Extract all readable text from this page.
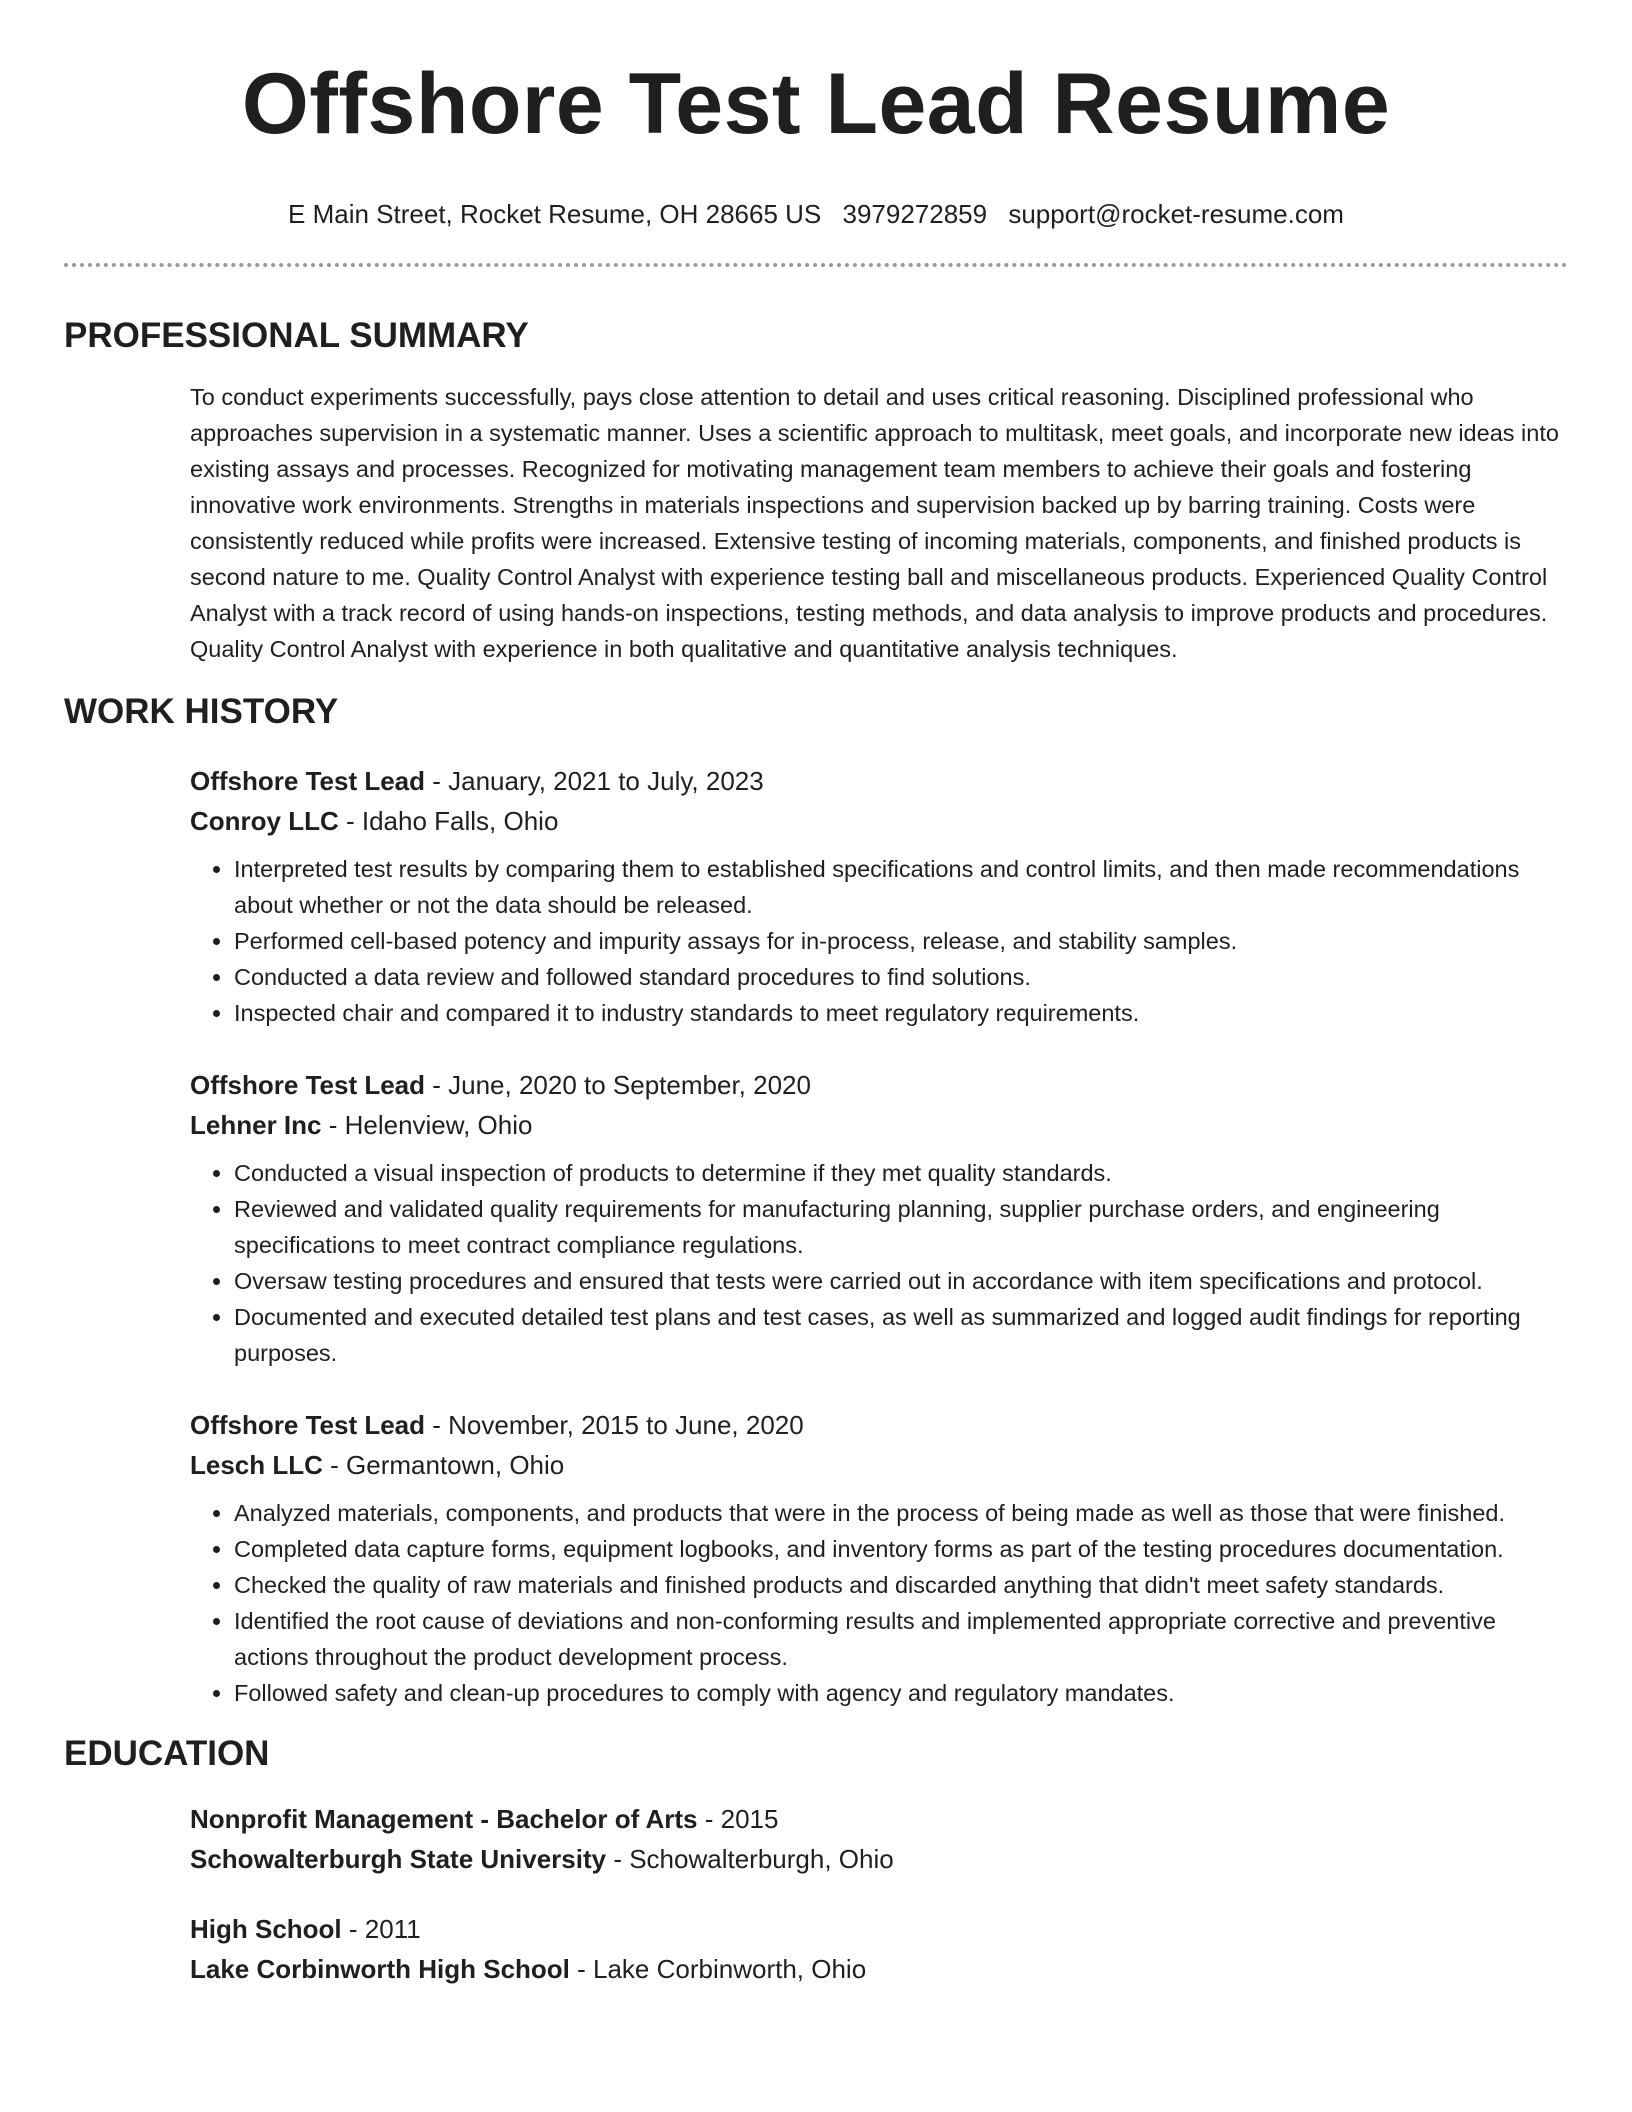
Offshore Test Lead Resume
E Main Street, Rocket Resume, OH 28665 US 3979272859 support@rocket-resume.com
PROFESSIONAL SUMMARY
To conduct experiments successfully, pays close attention to detail and uses critical reasoning. Disciplined professional who approaches supervision in a systematic manner. Uses a scientific approach to multitask, meet goals, and incorporate new ideas into existing assays and processes. Recognized for motivating management team members to achieve their goals and fostering innovative work environments. Strengths in materials inspections and supervision backed up by barring training. Costs were consistently reduced while profits were increased. Extensive testing of incoming materials, components, and finished products is second nature to me. Quality Control Analyst with experience testing ball and miscellaneous products. Experienced Quality Control Analyst with a track record of using hands-on inspections, testing methods, and data analysis to improve products and procedures. Quality Control Analyst with experience in both qualitative and quantitative analysis techniques.
WORK HISTORY
Offshore Test Lead - January, 2021 to July, 2023
Conroy LLC - Idaho Falls, Ohio
• Interpreted test results by comparing them to established specifications and control limits, and then made recommendations about whether or not the data should be released.
• Performed cell-based potency and impurity assays for in-process, release, and stability samples.
• Conducted a data review and followed standard procedures to find solutions.
• Inspected chair and compared it to industry standards to meet regulatory requirements.
Offshore Test Lead - June, 2020 to September, 2020
Lehner Inc - Helenview, Ohio
• Conducted a visual inspection of products to determine if they met quality standards.
• Reviewed and validated quality requirements for manufacturing planning, supplier purchase orders, and engineering specifications to meet contract compliance regulations.
• Oversaw testing procedures and ensured that tests were carried out in accordance with item specifications and protocol.
• Documented and executed detailed test plans and test cases, as well as summarized and logged audit findings for reporting purposes.
Offshore Test Lead - November, 2015 to June, 2020
Lesch LLC - Germantown, Ohio
• Analyzed materials, components, and products that were in the process of being made as well as those that were finished.
• Completed data capture forms, equipment logbooks, and inventory forms as part of the testing procedures documentation.
• Checked the quality of raw materials and finished products and discarded anything that didn't meet safety standards.
• Identified the root cause of deviations and non-conforming results and implemented appropriate corrective and preventive actions throughout the product development process.
• Followed safety and clean-up procedures to comply with agency and regulatory mandates.
EDUCATION
Nonprofit Management - Bachelor of Arts - 2015
Schowalterburgh State University - Schowalterburgh, Ohio
High School - 2011
Lake Corbinworth High School - Lake Corbinworth, Ohio
